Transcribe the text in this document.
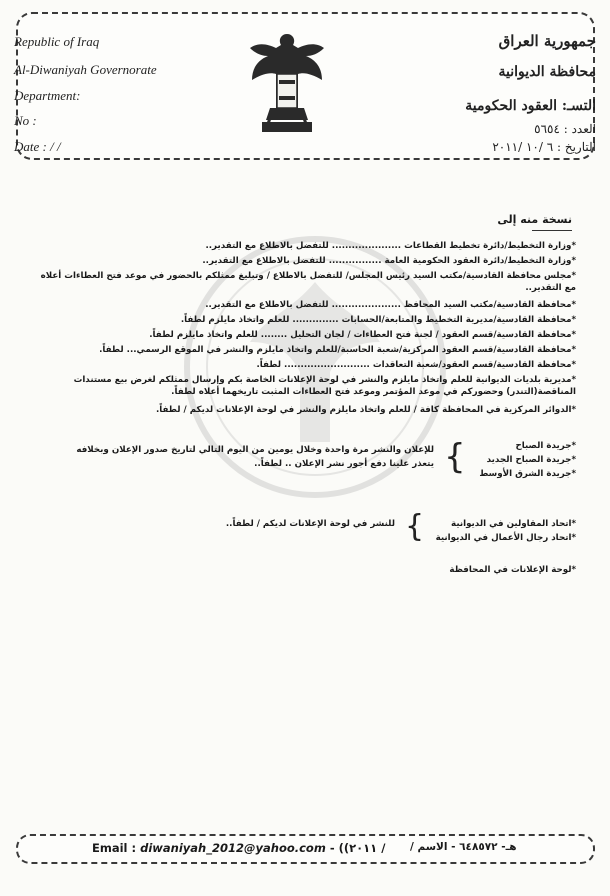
Republic of Iraq
Al-Diwaniyah Governorate
Department:
No :
Date : / /
جمهورية العراق
محافظة الديوانية
التسـ: العقود الحكومية
العدد : ٥٦٥٤
التاريخ : ٦ /١٠ /٢٠١١
نسخة منه إلى
*وزارة التخطيط/دائرة تخطيط القطاعات ..................... للتفضل بالاطلاع مع التقدير..
*وزارة التخطيط/دائرة العقود الحكومية العامة ................ للتفضل بالاطلاع مع التقدير..
*مجلس محافظة القادسية/مكتب السيد رئيس المجلس/ للتفضل بالاطلاع / وتبليغ ممثلكم بالحضور في موعد فتح العطاءات أعلاه مع التقدير..
*محافظة القادسية/مكتب السيد المحافظ ..................... للتفضل بالاطلاع مع التقدير..
*محافظة القادسية/مديرية التخطيط والمتابعة/الحسابات .............. للعلم واتخاذ مايلزم لطفاً.
*محافظة القادسية/قسم العقود / لجنة فتح العطاءات / لجان التحليل ........ للعلم واتخاذ مايلزم لطفاً.
*محافظة القادسية/قسم العقود المركزية/شعبة الحاسبة/للعلم واتخاذ مايلزم والنشر في الموقع الرسمي... لطفاً.
*محافظة القادسية/قسم العقود/شعبة التعاقدات .......................... لطفاً.
*مديرية بلديات الديوانية للعلم واتخاذ مايلزم والنشر في لوحة الإعلانات الخاصة بكم وإرسال ممثلكم لغرض بيع مستندات المناقصة(التندر) وحضوركم في موعد المؤتمر وموعد فتح العطاءات المثبت تاريخهما أعلاه لطفاً.
*الدوائر المركزية في المحافظة كافة / للعلم واتخاذ مايلزم والنشر في لوحة الإعلانات لديكم / لطفاً.
*جريدة الصباح
*جريدة الصباح الجديد
*جريدة الشرق الأوسط
{
للإعلان والنشر مرة واحدة وخلال يومين من اليوم التالي لتاريخ صدور الإعلان وبخلافه
يتعذر علينا دفع أجور نشر الإعلان .. لطفاً..
*اتحاد المقاولين في الديوانية
*اتحاد رجال الأعمال في الديوانية
{
للنشر في لوحة الإعلانات لديكم / لطفاً..
*لوحة الإعلانات في المحافظة
Email : diwaniyah_2012@yahoo.com - ((٢٠١١ / هـ- ٦٤٨٥٧٢ - الاسم /
